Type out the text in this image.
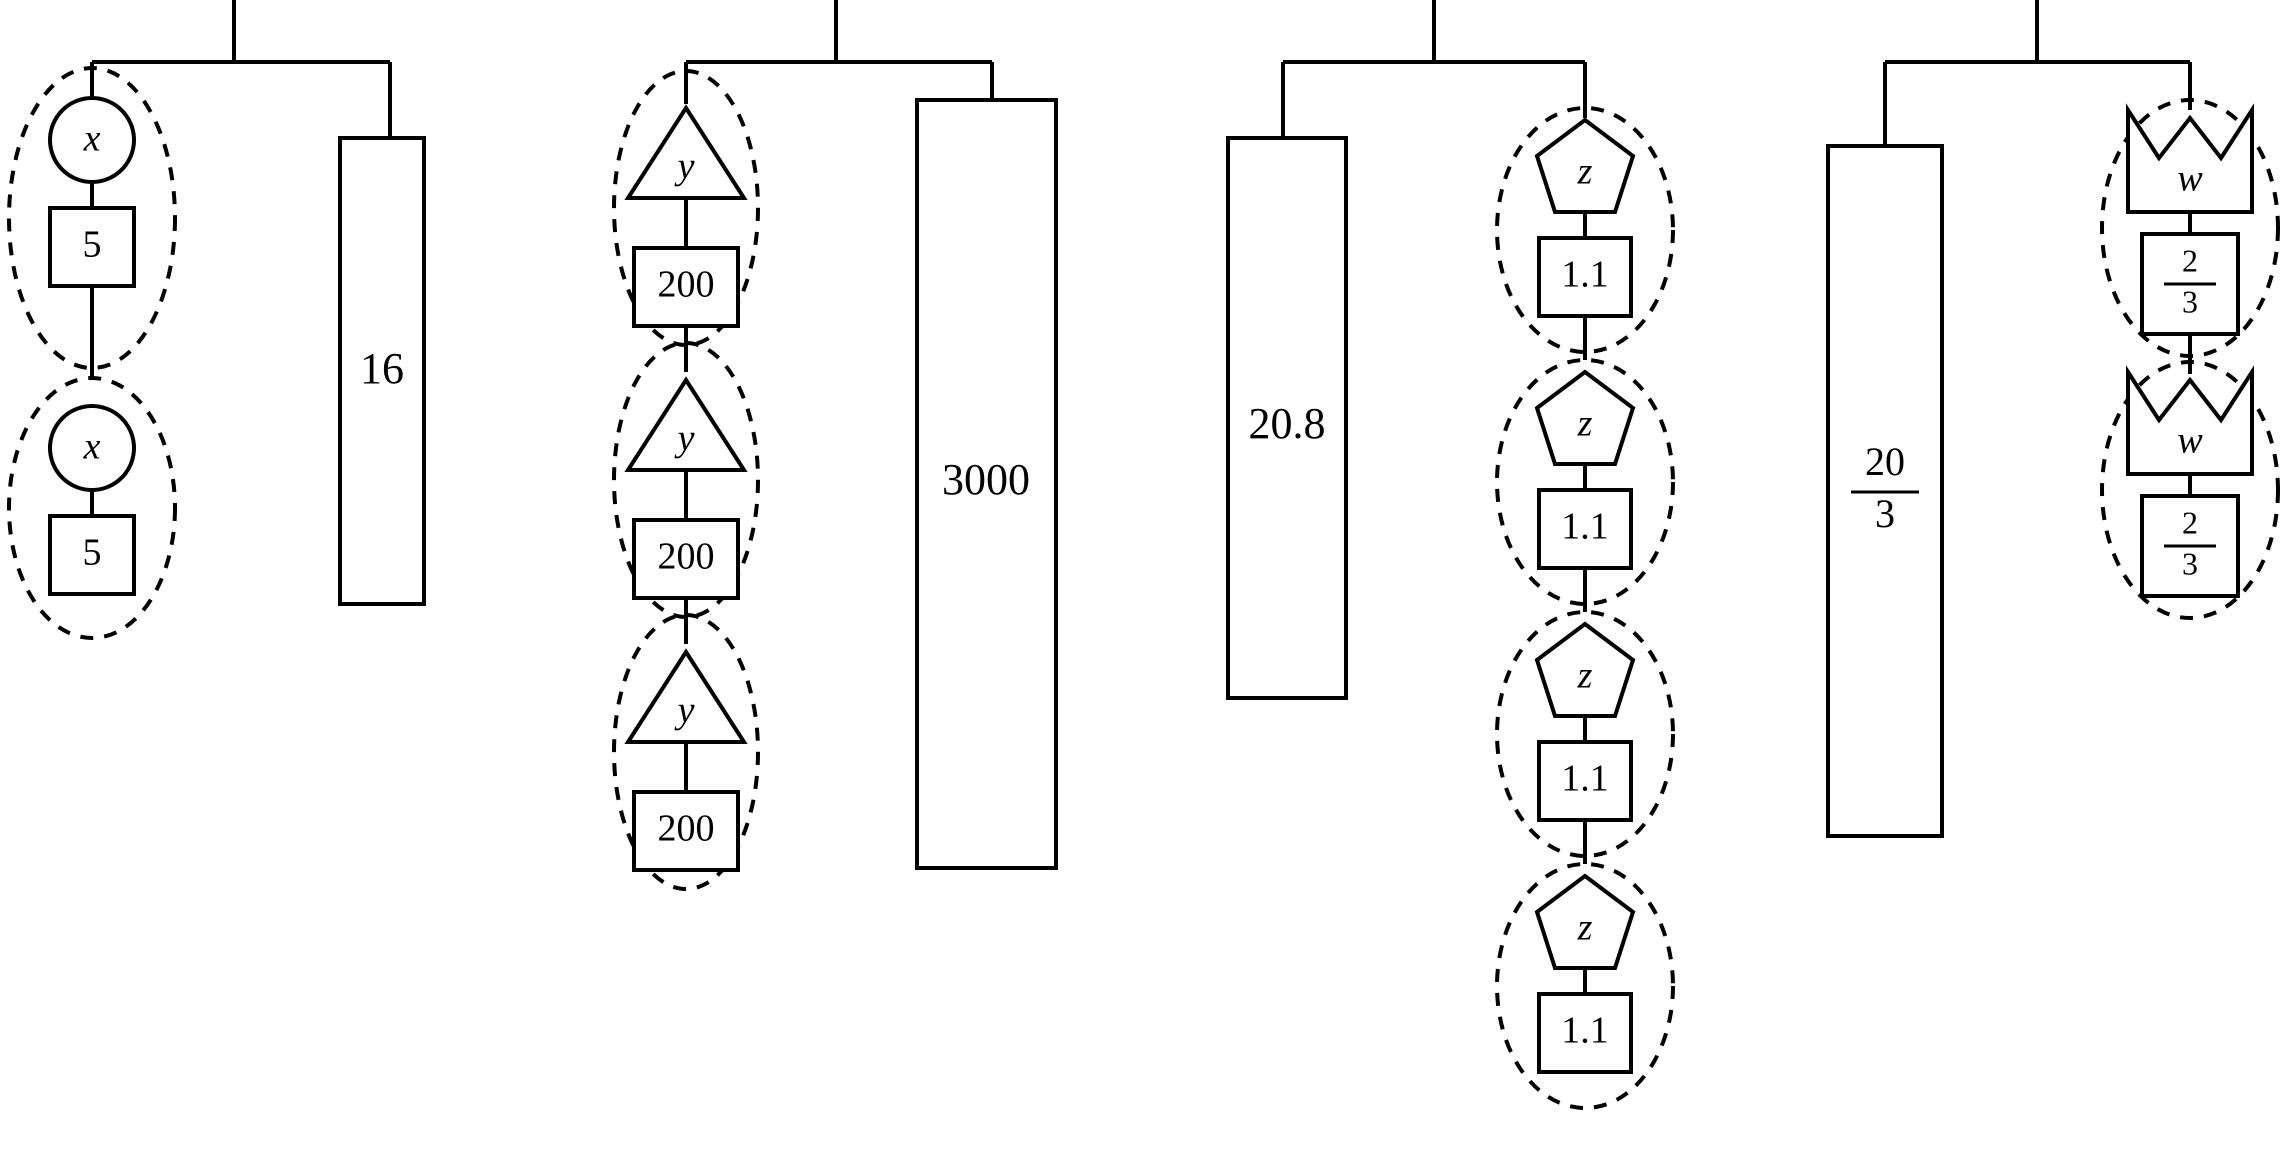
x
5
x
5
16
y
200
y
200
y
200
3000
20.8
z
1.1
z
1.1
z
1.1
z
1.1
20
3
w
2
3
w
2
3
